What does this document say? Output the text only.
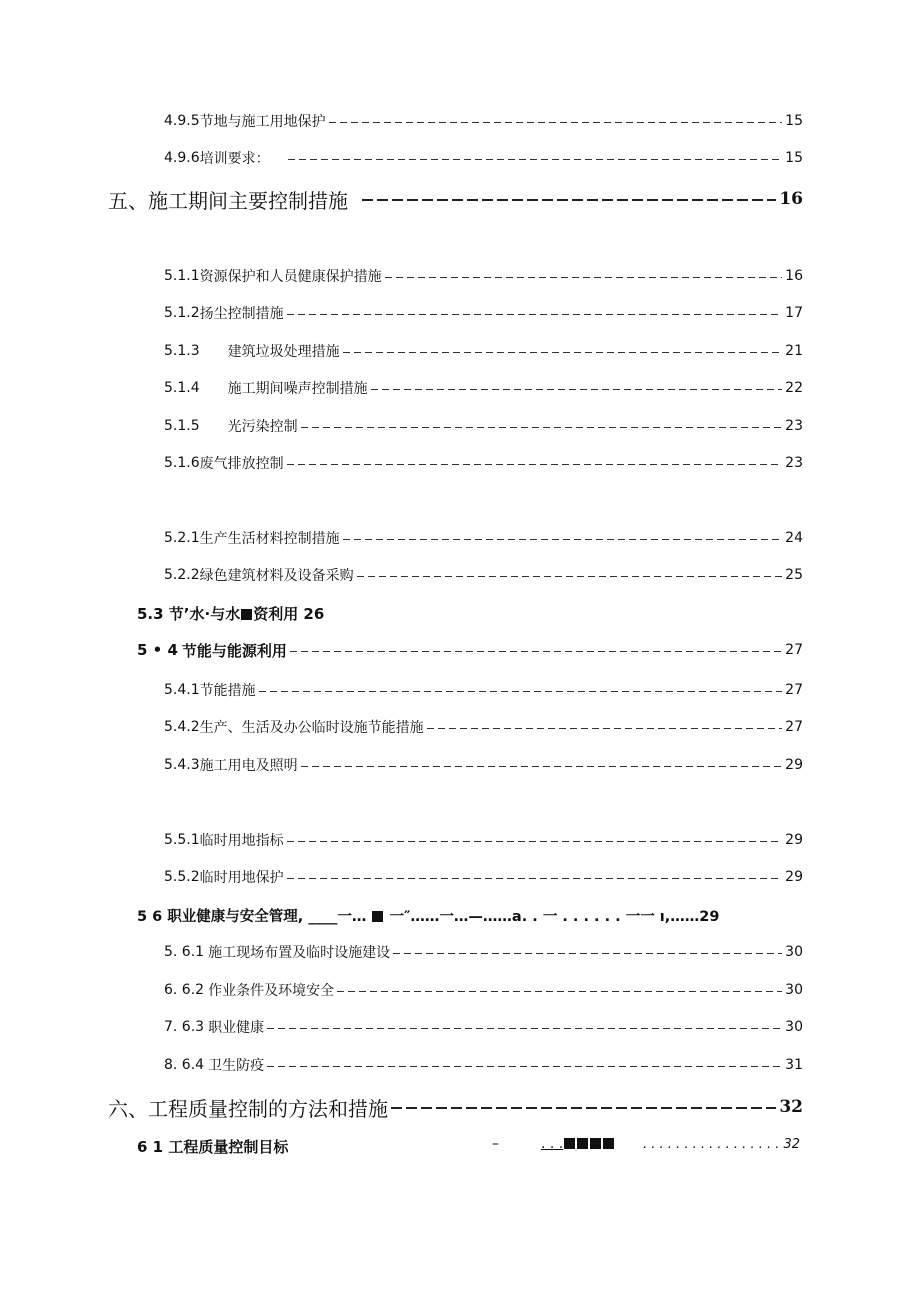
4.9.5 节地与施工用地保护	15
4.9.6 培训要求：	15
五、施工期间主要控制措施	16
5.1.1 资源保护和人员健康保护措施	16
5.1.2 扬尘控制措施	17
5.1.3 建筑垃圾处理措施	21
5.1.4 施工期间噪声控制措施	22
5.1.5 光污染控制	23
5.1.6 废气排放控制	23
5.2.1 生产生活材料控制措施	24
5.2.2 绿色建筑材料及设备采购	25
5.3 节’水·与水 资利用 26
5 • 4 节能与能源利用	27
5.4.1 节能措施	27
5.4.2 生产、生活及办公临时设施节能措施	27
5.4.3 施工用电及照明	29
5.5.1 临时用地指标	29
5.5.2 临时用地保护	29
5 6 职业健康与安全管理, ____一…  一″……一…—……a. . 一 . . . . . . 一一 ı,……29
5. 6.1 施工现场布置及临时设施建设	30
6. 6.2 作业条件及环境安全	30
7. 6.3 职业健康	30
8. 6.4 卫生防疫	31
六、工程质量控制的方法和措施	32
6 1 工程质量控制目标	–	. . .	. . . . . . . . . . . . . . . . . 32
